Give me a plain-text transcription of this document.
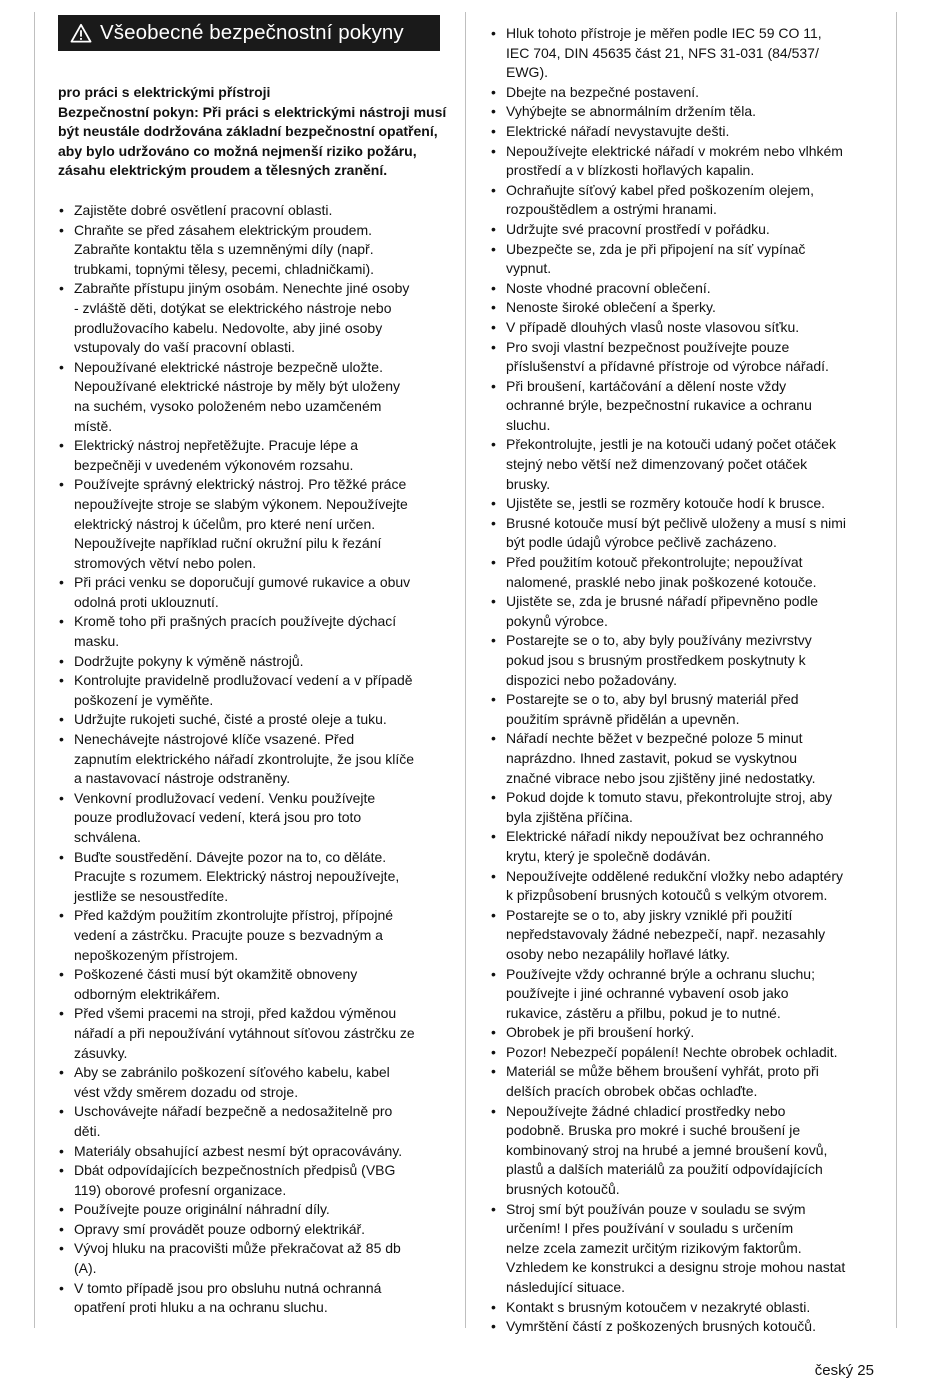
Všeobecné bezpečnostní pokyny

pro práci s elektrickými přístroji

Bezpečnostní pokyn: Při práci s elektrickými nástroji musí být neustále dodržována základní bezpečnostní opatření, aby bylo udržováno co možná nejmenší riziko požáru, zásahu elektrickým proudem a tělesných zranění.

• Zajistěte dobré osvětlení pracovní oblasti.
• Chraňte se před zásahem elektrickým proudem.
Zabraňte kontaktu těla s uzemněnými díly (např.
trubkami, topnými tělesy, pecemi, chladničkami).
• Zabraňte přístupu jiným osobám. Nenechte jiné osoby
- zvláště děti, dotýkat se elektrického nástroje nebo
prodlužovacího kabelu. Nedovolte, aby jiné osoby
vstupovaly do vaší pracovní oblasti.
• Nepoužívané elektrické nástroje bezpečně uložte.
Nepoužívané elektrické nástroje by měly být uloženy
na suchém, vysoko položeném nebo uzamčeném
místě.
• Elektrický nástroj nepřetěžujte. Pracuje lépe a
bezpečněji v uvedeném výkonovém rozsahu.
• Používejte správný elektrický nástroj. Pro těžké práce
nepoužívejte stroje se slabým výkonem. Nepoužívejte
elektrický nástroj k účelům, pro které není určen.
Nepoužívejte například ruční okružní pilu k řezání
stromových větví nebo polen.
• Při práci venku se doporučují gumové rukavice a obuv
odolná proti uklouznutí.
• Kromě toho při prašných pracích používejte dýchací
masku.
• Dodržujte pokyny k výměně nástrojů.
• Kontrolujte pravidelně prodlužovací vedení a v případě
poškození je vyměňte.
• Udržujte rukojeti suché, čisté a prosté oleje a tuku.
• Nenechávejte nástrojové klíče vsazené. Před
zapnutím elektrického nářadí zkontrolujte, že jsou klíče
a nastavovací nástroje odstraněny.
• Venkovní prodlužovací vedení. Venku používejte
pouze prodlužovací vedení, která jsou pro toto
schválena.
• Buďte soustředění. Dávejte pozor na to, co děláte.
Pracujte s rozumem. Elektrický nástroj nepoužívejte,
jestliže se nesoustředíte.
• Před každým použitím zkontrolujte přístroj, přípojné
vedení a zástrčku. Pracujte pouze s bezvadným a
nepoškozeným přístrojem.
• Poškozené části musí být okamžitě obnoveny
odborným elektrikářem.
• Před všemi pracemi na stroji, před každou výměnou
nářadí a při nepoužívání vytáhnout síťovou zástrčku ze
zásuvky.
• Aby se zabránilo poškození síťového kabelu, kabel
vést vždy směrem dozadu od stroje.
• Uschovávejte nářadí bezpečně a nedosažitelně pro
děti.
• Materiály obsahující azbest nesmí být opracovávány.
• Dbát odpovídajících bezpečnostních předpisů (VBG
119) oborové profesní organizace.
• Používejte pouze originální náhradní díly.
• Opravy smí provádět pouze odborný elektrikář.
• Vývoj hluku na pracovišti může překračovat až 85 db
(A).
• V tomto případě jsou pro obsluhu nutná ochranná
opatření proti hluku a na ochranu sluchu.
• Hluk tohoto přístroje je měřen podle IEC 59 CO 11,
IEC 704, DIN 45635 část 21, NFS 31-031 (84/537/
EWG).
• Dbejte na bezpečné postavení.
• Vyhýbejte se abnormálním držením těla.
• Elektrické nářadí nevystavujte dešti.
• Nepoužívejte elektrické nářadí v mokrém nebo vlhkém
prostředí a v blízkosti hořlavých kapalin.
• Ochraňujte síťový kabel před poškozením olejem,
rozpouštědlem a ostrými hranami.
• Udržujte své pracovní prostředí v pořádku.
• Ubezpečte se, zda je při připojení na síť vypínač
vypnut.
• Noste vhodné pracovní oblečení.
• Nenoste široké oblečení a šperky.
• V případě dlouhých vlasů noste vlasovou síťku.
• Pro svoji vlastní bezpečnost používejte pouze
příslušenství a přídavné přístroje od výrobce nářadí.
• Při broušení, kartáčování a dělení noste vždy
ochranné brýle, bezpečnostní rukavice a ochranu
sluchu.
• Překontrolujte, jestli je na kotouči udaný počet otáček
stejný nebo větší než dimenzovaný počet otáček
brusky.
• Ujistěte se, jestli se rozměry kotouče hodí k brusce.
• Brusné kotouče musí být pečlivě uloženy a musí s nimi
být podle údajů výrobce pečlivě zacházeno.
• Před použitím kotouč překontrolujte; nepoužívat
nalomené, prasklé nebo jinak poškozené kotouče.
• Ujistěte se, zda je brusné nářadí připevněno podle
pokynů výrobce.
• Postarejte se o to, aby byly používány mezivrstvy
pokud jsou s brusným prostředkem poskytnuty k
dispozici nebo požadovány.
• Postarejte se o to, aby byl brusný materiál před
použitím správně přidělán a upevněn.
• Nářadí nechte běžet v bezpečné poloze 5 minut
naprázdno. Ihned zastavit, pokud se vyskytnou
značné vibrace nebo jsou zjištěny jiné nedostatky.
• Pokud dojde k tomuto stavu, překontrolujte stroj, aby
byla zjištěna příčina.
• Elektrické nářadí nikdy nepoužívat bez ochranného
krytu, který je společně dodáván.
• Nepoužívejte oddělené redukční vložky nebo adaptéry
k přizpůsobení brusných kotoučů s velkým otvorem.
• Postarejte se o to, aby jiskry vzniklé při použití
nepředstavovaly žádné nebezpečí, např. nezasahly
osoby nebo nezapálily hořlavé látky.
• Používejte vždy ochranné brýle a ochranu sluchu;
používejte i jiné ochranné vybavení osob jako
rukavice, zástěru a přilbu, pokud je to nutné.
• Obrobek je při broušení horký.
• Pozor! Nebezpečí popálení! Nechte obrobek ochladit.
• Materiál se může během broušení vyhřát, proto při
delších pracích obrobek občas ochlaďte.
• Nepoužívejte žádné chladicí prostředky nebo
podobně. Bruska pro mokré i suché broušení je
kombinovaný stroj na hrubé a jemné broušení kovů,
plastů a dalších materiálů za použití odpovídajících
brusných kotoučů.
• Stroj smí být používán pouze v souladu se svým
určením! I přes používání v souladu s určením
nelze zcela zamezit určitým rizikovým faktorům.
Vzhledem ke konstrukci a designu stroje mohou nastat
následující situace.
• Kontakt s brusným kotoučem v nezakryté oblasti.
• Vymrštění částí z poškozených brusných kotoučů.
český 25
